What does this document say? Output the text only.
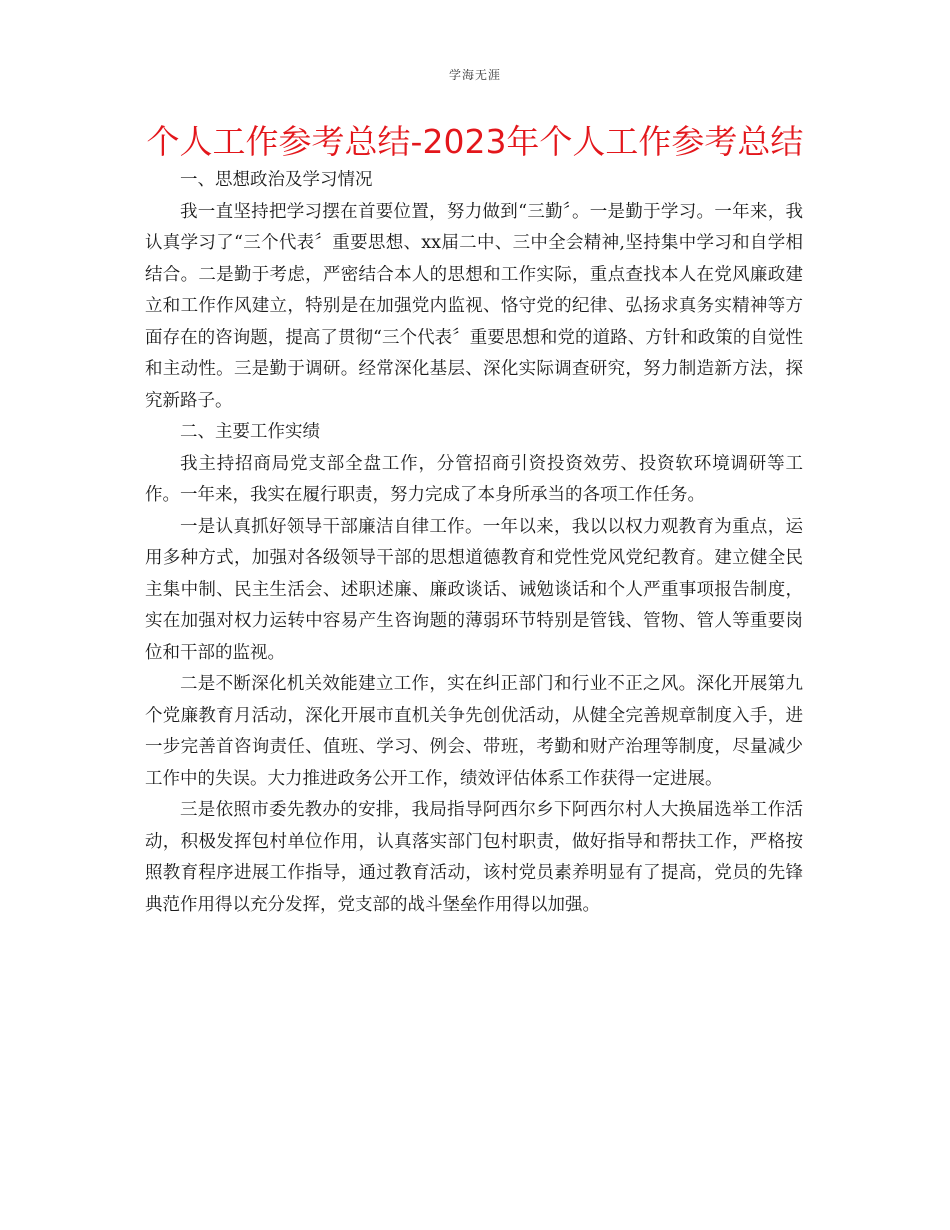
学海无涯
个人工作参考总结-2023年个人工作参考总结

一、思想政治及学习情况

我一直坚持把学习摆在首要位置，努力做到“三勤〞。一是勤于学习。一年来，我认真学习了“三个代表〞重要思想、xx届二中、三中全会精神,坚持集中学习和自学相结合。二是勤于考虑，严密结合本人的思想和工作实际，重点查找本人在党风廉政建立和工作作风建立，特别是在加强党内监视、恪守党的纪律、弘扬求真务实精神等方面存在的咨询题，提高了贯彻“三个代表〞重要思想和党的道路、方针和政策的自觉性和主动性。三是勤于调研。经常深化基层、深化实际调查研究，努力制造新方法，探究新路子。

二、主要工作实绩

我主持招商局党支部全盘工作，分管招商引资投资效劳、投资软环境调研等工作。一年来，我实在履行职责，努力完成了本身所承当的各项工作任务。

一是认真抓好领导干部廉洁自律工作。一年以来，我以以权力观教育为重点，运用多种方式，加强对各级领导干部的思想道德教育和党性党风党纪教育。建立健全民主集中制、民主生活会、述职述廉、廉政谈话、诫勉谈话和个人严重事项报告制度，实在加强对权力运转中容易产生咨询题的薄弱环节特别是管钱、管物、管人等重要岗位和干部的监视。

二是不断深化机关效能建立工作，实在纠正部门和行业不正之风。深化开展第九个党廉教育月活动，深化开展市直机关争先创优活动，从健全完善规章制度入手，进一步完善首咨询责任、值班、学习、例会、带班，考勤和财产治理等制度，尽量减少工作中的失误。大力推进政务公开工作，绩效评估体系工作获得一定进展。

三是依照市委先教办的安排，我局指导阿西尔乡下阿西尔村人大换届选举工作活动，积极发挥包村单位作用，认真落实部门包村职责，做好指导和帮扶工作，严格按照教育程序进展工作指导，通过教育活动，该村党员素养明显有了提高，党员的先锋典范作用得以充分发挥，党支部的战斗堡垒作用得以加强。
